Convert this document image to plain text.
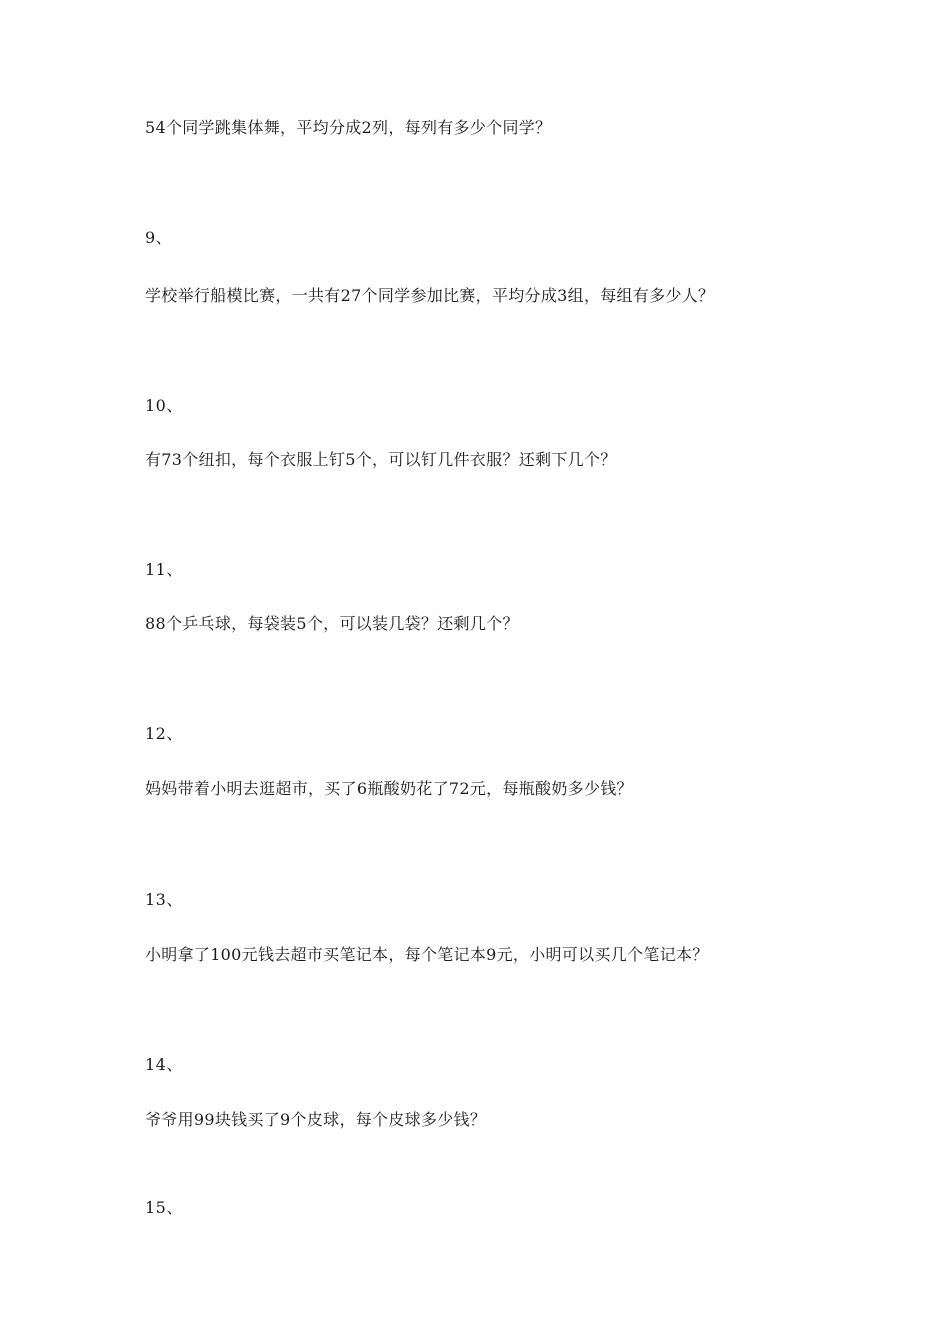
54个同学跳集体舞，平均分成2列，每列有多少个同学？
9、
学校举行船模比赛，一共有27个同学参加比赛，平均分成3组，每组有多少人？
10、
有73个纽扣，每个衣服上钉5个，可以钉几件衣服？还剩下几个？
11、
88个乒乓球，每袋装5个，可以装几袋？还剩几个？
12、
妈妈带着小明去逛超市，买了6瓶酸奶花了72元，每瓶酸奶多少钱？
13、
小明拿了100元钱去超市买笔记本，每个笔记本9元，小明可以买几个笔记本？
14、
爷爷用99块钱买了9个皮球，每个皮球多少钱？
15、
